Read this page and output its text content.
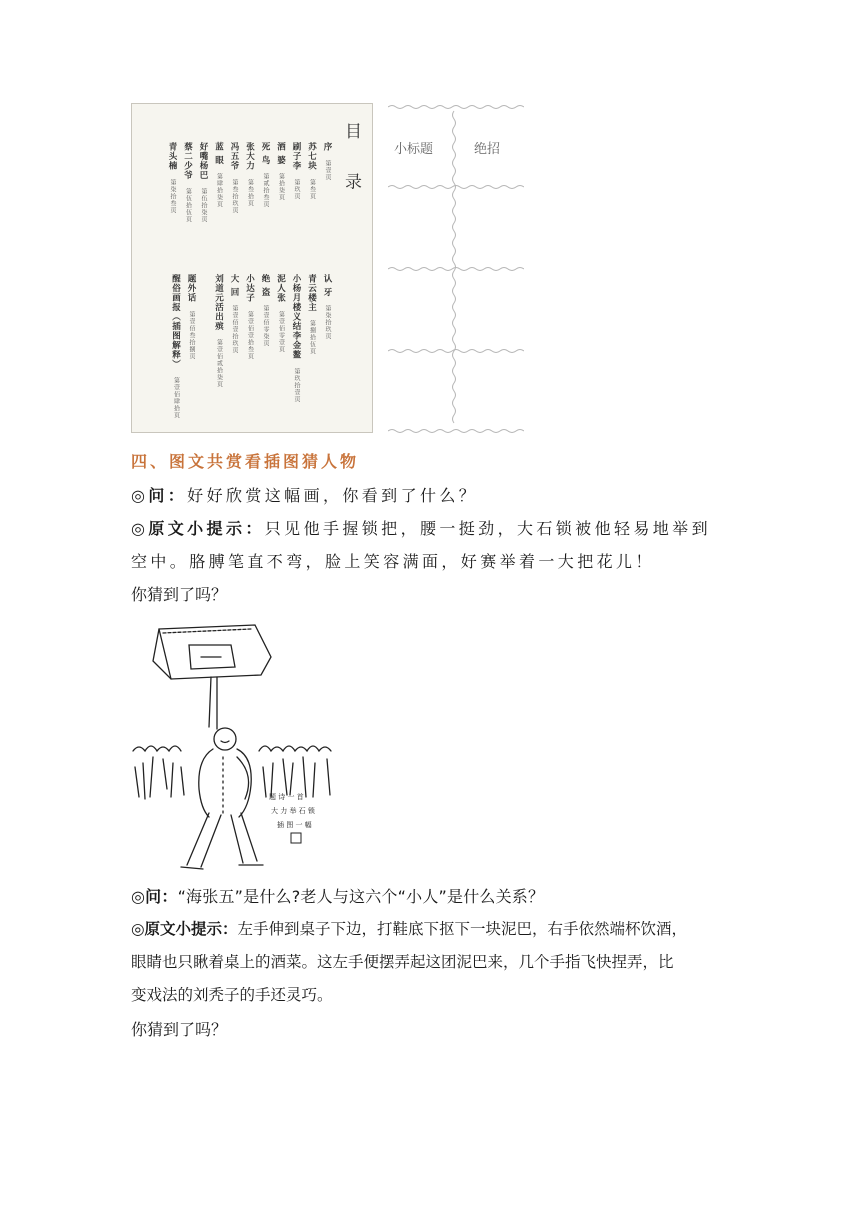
目 录
序第壹页
苏七块第叁页
刷子李第玖页
酒 婆第拾柒页
死 鸟第贰拾叁页
张大力第叁拾页
冯五爷第叁拾玖页
蓝 眼第肆拾柒页
好嘴杨巴第伍拾柒页
蔡二少爷第伍拾伍页
青头楠第柒拾叁页
认 牙第柒拾玖页
青云楼主第捌拾伍页
小杨月楼义结李金鳌第玖拾壹页
泥人张第壹佰零壹页
绝 盗第壹佰零柒页
小达子第壹佰壹拾叁页
大 回第壹佰壹拾玖页
刘道元活出殡第壹佰贰拾柒页
题外话第壹佰叁拾捌页
醒俗画报（插图解释）第壹佰肆拾页
小标题	绝招
四、图文共赏看插图猜人物
◎问：好好欣赏这幅画，你看到了什么？
◎原文小提示：只见他手握锁把，腰一挺劲，大石锁被他轻易地举到
空中。胳膊笔直不弯，脸上笑容满面，好赛举着一大把花儿！
你猜到了吗？
题 诗 一 首
大 力 举 石 锁
插 图 一 幅
◎问：“海张五”是什么?老人与这六个“小人”是什么关系？
◎原文小提示：左手伸到桌子下边，打鞋底下抠下一块泥巴，右手依然端杯饮酒，
眼睛也只瞅着桌上的酒菜。这左手便摆弄起这团泥巴来，几个手指飞快捏弄，比
变戏法的刘秃子的手还灵巧。
你猜到了吗？
